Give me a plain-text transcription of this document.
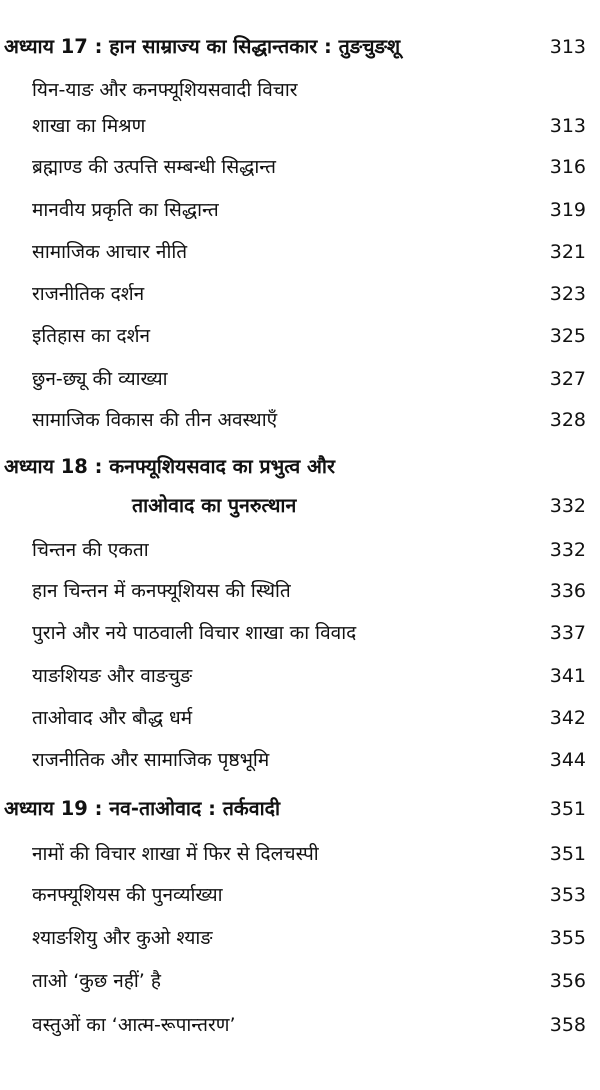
अध्याय 17 : हान साम्राज्य का सिद्धान्तकार : तुङचुङशू	313
यिन-याङ और कनफ्यूशियसवादी विचार
शाखा का मिश्रण	313
ब्रह्माण्ड की उत्पत्ति सम्बन्धी सिद्धान्त	316
मानवीय प्रकृति का सिद्धान्त	319
सामाजिक आचार नीति	321
राजनीतिक दर्शन	323
इतिहास का दर्शन	325
छुन-छ्यू की व्याख्या	327
सामाजिक विकास की तीन अवस्थाएँ	328
अध्याय 18 : कनफ्यूशियसवाद का प्रभुत्व और
ताओवाद का पुनरुत्थान	332
चिन्तन की एकता	332
हान चिन्तन में कनफ्यूशियस की स्थिति	336
पुराने और नये पाठवाली विचार शाखा का विवाद	337
याङशियङ और वाङचुङ	341
ताओवाद और बौद्ध धर्म	342
राजनीतिक और सामाजिक पृष्ठभूमि	344
अध्याय 19 : नव-ताओवाद : तर्कवादी	351
नामों की विचार शाखा में फिर से दिलचस्पी	351
कनफ्यूशियस की पुनर्व्याख्या	353
श्याङशियु और कुओ श्याङ	355
ताओ ‘कुछ नहीं’ है	356
वस्तुओं का ‘आत्म-रूपान्तरण’	358
